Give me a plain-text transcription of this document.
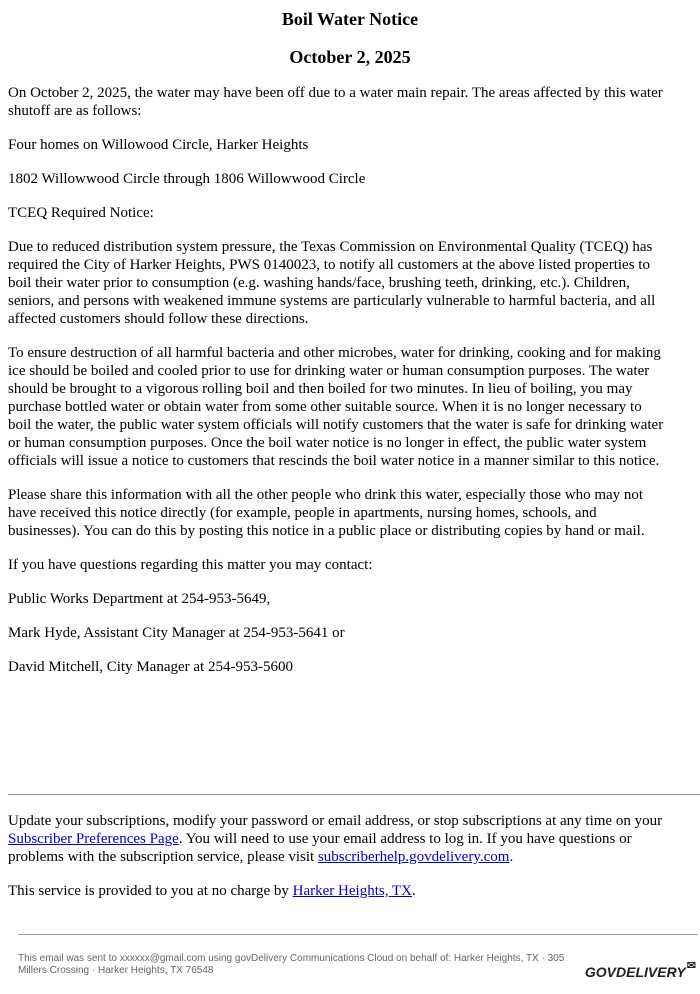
Boil Water Notice
October 2, 2025

On October 2, 2025, the water may have been off due to a water main repair. The areas affected by this water
shutoff are as follows:

Four homes on Willowood Circle, Harker Heights

1802 Willowwood Circle through 1806 Willowwood Circle

TCEQ Required Notice:

Due to reduced distribution system pressure, the Texas Commission on Environmental Quality (TCEQ) has
required the City of Harker Heights, PWS 0140023, to notify all customers at the above listed properties to
boil their water prior to consumption (e.g. washing hands/face, brushing teeth, drinking, etc.). Children,
seniors, and persons with weakened immune systems are particularly vulnerable to harmful bacteria, and all
affected customers should follow these directions.

To ensure destruction of all harmful bacteria and other microbes, water for drinking, cooking and for making
ice should be boiled and cooled prior to use for drinking water or human consumption purposes. The water
should be brought to a vigorous rolling boil and then boiled for two minutes. In lieu of boiling, you may
purchase bottled water or obtain water from some other suitable source. When it is no longer necessary to
boil the water, the public water system officials will notify customers that the water is safe for drinking water
or human consumption purposes. Once the boil water notice is no longer in effect, the public water system
officials will issue a notice to customers that rescinds the boil water notice in a manner similar to this notice.

Please share this information with all the other people who drink this water, especially those who may not
have received this notice directly (for example, people in apartments, nursing homes, schools, and
businesses). You can do this by posting this notice in a public place or distributing copies by hand or mail.

If you have questions regarding this matter you may contact:

Public Works Department at 254-953-5649,

Mark Hyde, Assistant City Manager at 254-953-5641 or

David Mitchell, City Manager at 254-953-5600

Update your subscriptions, modify your password or email address, or stop subscriptions at any time on your
Subscriber Preferences Page. You will need to use your email address to log in. If you have questions or
problems with the subscription service, please visit subscriberhelp.govdelivery.com.

This service is provided to you at no charge by Harker Heights, TX.

This email was sent to xxxxxx@gmail.com using govDelivery Communications Cloud on behalf of: Harker Heights, TX · 305
Millers Crossing · Harker Heights, TX 76548	GOVDELIVERY✉
